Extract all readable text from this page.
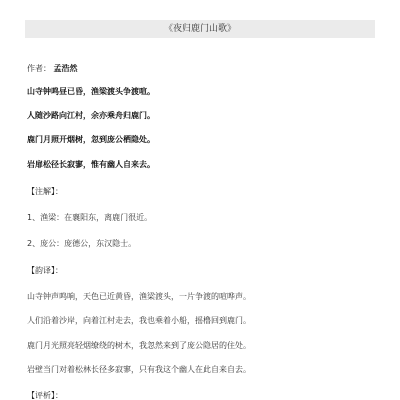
《夜归鹿门山歌》
作者： 孟浩然
山寺钟鸣昼已昏，渔梁渡头争渡喧。
人随沙路向江村，余亦乘舟归鹿门。
鹿门月照开烟树，忽到庞公栖隐处。
岩扉松径长寂寥，惟有幽人自来去。
【注解】：
1、渔梁：在襄阳东，离鹿门很近。
2、庞公：庞德公，东汉隐士。
【韵译】：
山寺钟声鸣响，天色已近黄昏，渔梁渡头，一片争渡的喧哗声。
人们沿着沙岸，向着江村走去，我也乘着小船，摇橹回到鹿门。
鹿门月光照亮轻烟缭绕的树木，我忽然来到了庞公隐居的住处。
岩壁当门对着松林长径多寂寥，只有我这个幽人在此自来自去。
【评析】：
